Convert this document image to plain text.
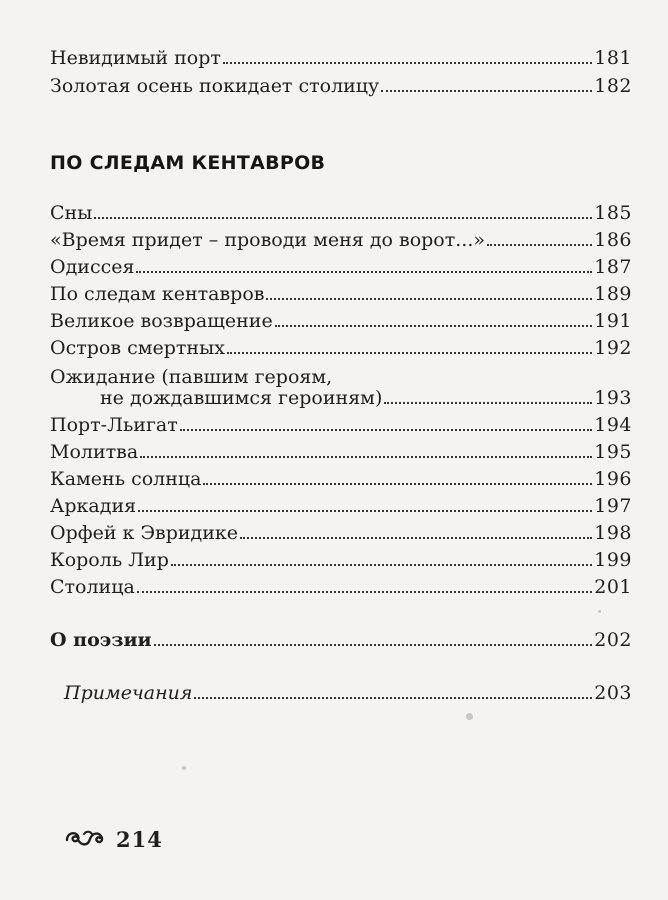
Невидимый порт	181
Золотая осень покидает столицу	182
ПО СЛЕДАМ КЕНТАВРОВ
Сны	185
«Время придет – проводи меня до ворот...»	186
Одиссея	187
По следам кентавров	189
Великое возвращение	191
Остров смертных	192
Ожидание (павшим героям,
не дождавшимся героиням)	193
Порт-Льигат	194
Молитва	195
Камень солнца	196
Аркадия	197
Орфей к Эвридике	198
Король Лир	199
Столица	201
О поэзии	202
Примечания	203
214
